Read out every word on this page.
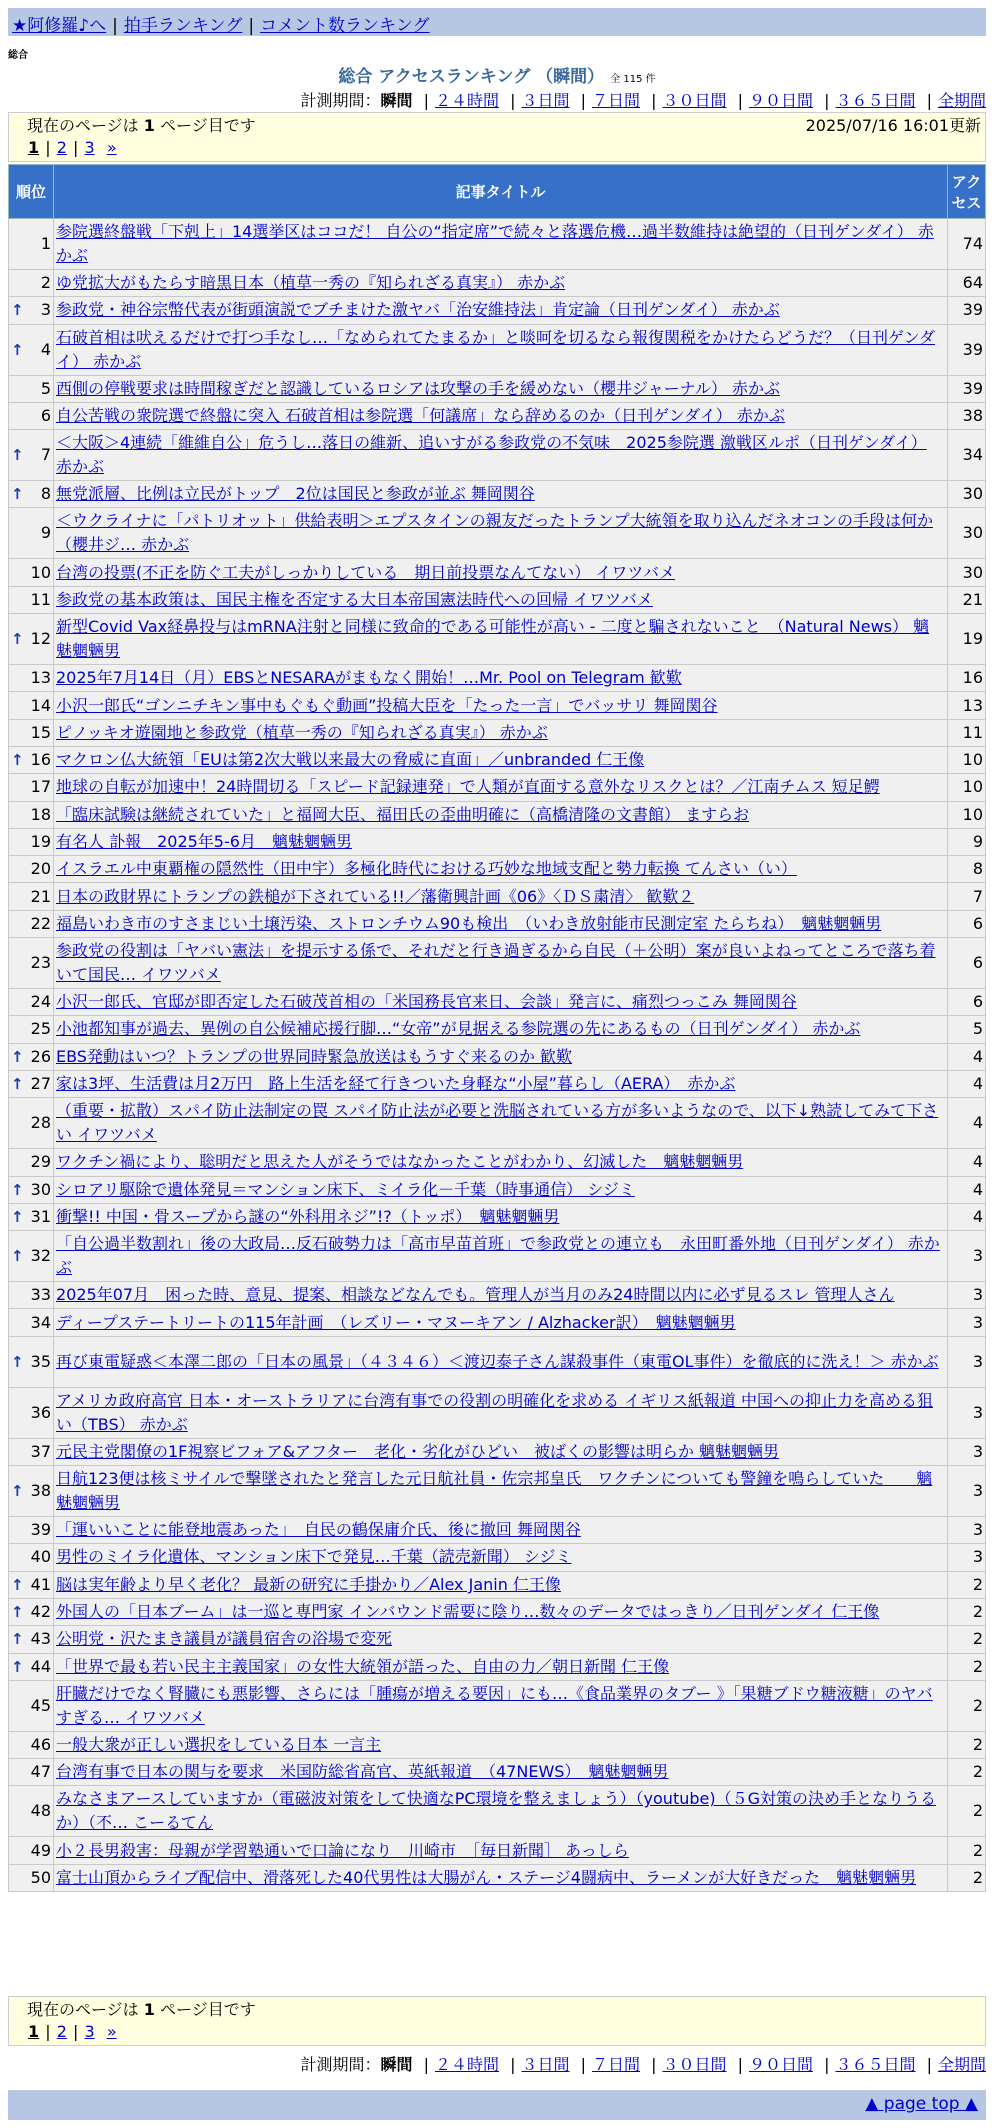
★阿修羅♪へ | 拍手ランキング | コメント数ランキング
総合
総合 アクセスランキング （瞬間） 全 115 件
計測期間：瞬間 | ２４時間 | ３日間 | ７日間 | ３０日間 | ９０日間 | ３６５日間 | 全期間
現在のページは 1 ページ目です	2025/07/16 16:01更新
1 | 2 | 3 »
順位	記事タイトル	アクセス
1	参院選終盤戦「下剋上」14選挙区はココだ！ 自公の“指定席”で続々と落選危機…過半数維持は絶望的（日刊ゲンダイ） 赤かぶ	74
2	ゆ党拡大がもたらす暗黒日本（植草一秀の『知られざる真実』） 赤かぶ	64

↑ 3	参政党・神谷宗幣代表が街頭演説でブチまけた激ヤバ「治安維持法」肯定論（日刊ゲンダイ） 赤かぶ	39

↑ 4	石破首相は吠えるだけで打つ手なし…「なめられてたまるか」と啖呵を切るなら報復関税をかけたらどうだ？（日刊ゲンダイ） 赤かぶ	39
5	西側の停戦要求は時間稼ぎだと認識しているロシアは攻撃の手を緩めない（櫻井ジャーナル） 赤かぶ	39
6	自公苦戦の衆院選で終盤に突入 石破首相は参院選「何議席」なら辞めるのか（日刊ゲンダイ） 赤かぶ	38

↑ 7	＜大阪＞4連続「維維自公」危うし…落日の維新、追いすがる参政党の不気味　2025参院選 激戦区ルポ（日刊ゲンダイ） 赤かぶ	34

↑ 8	無党派層、比例は立民がトップ　2位は国民と参政が並ぶ 舞岡関谷	30
9	＜ウクライナに「パトリオット」供給表明＞エプスタインの親友だったトランプ大統領を取り込んだネオコンの手段は何か（櫻井ジ… 赤かぶ	30
10	台湾の投票(不正を防ぐ工夫がしっかりしている　期日前投票なんてない） イワツバメ	30
11	参政党の基本政策は、国民主権を否定する大日本帝国憲法時代への回帰 イワツバメ	21

↑ 12	新型Covid Vax経鼻投与はmRNA注射と同様に致命的である可能性が高い - 二度と騙されないこと　（Natural News） 魑魅魍魎男	19
13	2025年7月14日（月）EBSとNESARAがまもなく開始！…Mr. Pool on Telegram 歓歎	16
14	小沢一郎氏“ゴンニチキン事中もぐもぐ動画”投稿大臣を「たった一言」でバッサリ 舞岡関谷	13
15	ピノッキオ遊園地と参政党（植草一秀の『知られざる真実』） 赤かぶ	11

↑ 16	マクロン仏大統領「EUは第2次大戦以来最大の脅威に直面」／unbranded 仁王像	10
17	地球の自転が加速中！24時間切る「スピード記録連発」で人類が直面する意外なリスクとは？／江南チムス 短足鰐	10
18	「臨床試験は継続されていた」と福岡大臣、福田氏の歪曲明確に（高橋清隆の文書館） ますらお	10
19	有名人 訃報　2025年5-6月　魑魅魍魎男	9
20	イスラエル中東覇権の隠然性（田中宇）多極化時代における巧妙な地域支配と勢力転換 てんさい（い）	8
21	日本の政財界にトランプの鉄槌が下されている!!／藩衛興計画《06》〈ＤＳ粛清〉 歓歎２	7
22	福島いわき市のすさまじい土壌汚染、ストロンチウム90も検出　（いわき放射能市民測定室 たらちね）　魑魅魍魎男	6
23	参政党の役割は「ヤバい憲法」を提示する係で、それだと行き過ぎるから自民（＋公明）案が良いよねってところで落ち着いて国民… イワツバメ	6
24	小沢一郎氏、官邸が即否定した石破茂首相の「米国務長官来日、会談」発言に、痛烈つっこみ 舞岡関谷	6
25	小池都知事が過去、異例の自公候補応援行脚…“女帝”が見据える参院選の先にあるもの（日刊ゲンダイ） 赤かぶ	5

↑ 26	EBS発動はいつ？トランプの世界同時緊急放送はもうすぐ来るのか 歓歎	4

↑ 27	家は3坪、生活費は月2万円　路上生活を経て行きついた身軽な“小屋”暮らし（AERA）　赤かぶ	4
28	（重要・拡散）スパイ防止法制定の罠 スパイ防止法が必要と洗脳されている方が多いようなので、以下↓熟読してみて下さい イワツバメ	4
29	ワクチン禍により、聡明だと思えた人がそうではなかったことがわかり、幻滅した　魑魅魍魎男	4

↑ 30	シロアリ駆除で遺体発見＝マンション床下、ミイラ化－千葉（時事通信） シジミ	4

↑ 31	衝撃!! 中国・骨スープから謎の“外科用ネジ”!?（トッポ）　魑魅魍魎男	4

↑ 32	「自公過半数割れ」後の大政局…反石破勢力は「高市早苗首班」で参政党との連立も　永田町番外地（日刊ゲンダイ） 赤かぶ	3
33	2025年07月　困った時、意見、提案、相談などなんでも。管理人が当月のみ24時間以内に必ず見るスレ 管理人さん	3
34	ディープステートリートの115年計画　（レズリー・マヌーキアン / Alzhacker訳）　魑魅魍魎男	3

↑ 35	再び東電疑惑＜本澤二郎の「日本の風景」（４３４６）＜渡辺泰子さん謀殺事件（東電OL事件）を徹底的に洗え！＞ 赤かぶ	3
36	アメリカ政府高官 日本・オーストラリアに台湾有事での役割の明確化を求める イギリス紙報道 中国への抑止力を高める狙い（TBS） 赤かぶ	3
37	元民主党閣僚の1F視察ビフォア&アフター　老化・劣化がひどい　被ばくの影響は明らか 魑魅魍魎男	3

↑ 38	日航123便は核ミサイルで撃墜されたと発言した元日航社員・佐宗邦皇氏　ワクチンについても警鐘を鳴らしていた　　魑魅魍魎男	3
39	「運いいことに能登地震あった」　自民の鶴保庸介氏、後に撤回 舞岡関谷	3
40	男性のミイラ化遺体、マンション床下で発見…千葉（読売新聞） シジミ	3

↑ 41	脳は実年齢より早く老化？ 最新の研究に手掛かり／Alex Janin 仁王像	2

↑ 42	外国人の「日本ブーム」は一巡と専門家 インバウンド需要に陰り…数々のデータではっきり／日刊ゲンダイ 仁王像	2

↑ 43	公明党・沢たまき議員が議員宿舎の浴場で変死	2

↑ 44	「世界で最も若い民主主義国家」の女性大統領が語った、自由の力／朝日新聞 仁王像	2
45	肝臓だけでなく腎臓にも悪影響、さらには「腫瘍が増える要因」にも…《食品業界のタブー 》「果糖ブドウ糖液糖」のヤバすぎる… イワツバメ	2
46	一般大衆が正しい選択をしている日本 一言主	2
47	台湾有事で日本の関与を要求　米国防総省高官、英紙報道　（47NEWS）　魑魅魍魎男	2
48	みなさまアースしていますか（電磁波対策をして快適なPC環境を整えましょう）（youtube)（５G対策の決め手となりうるか）（不… こーるてん	2
49	小２長男殺害：母親が学習塾通いで口論になり　川崎市　［毎日新聞］ あっしら	2
50	富士山頂からライブ配信中、滑落死した40代男性は大腸がん・ステージ4闘病中、ラーメンが大好きだった　魑魅魍魎男	2
現在のページは 1 ページ目です
1 | 2 | 3 »
計測期間：瞬間 | ２４時間 | ３日間 | ７日間 | ３０日間 | ９０日間 | ３６５日間 | 全期間
▲ page top ▲
